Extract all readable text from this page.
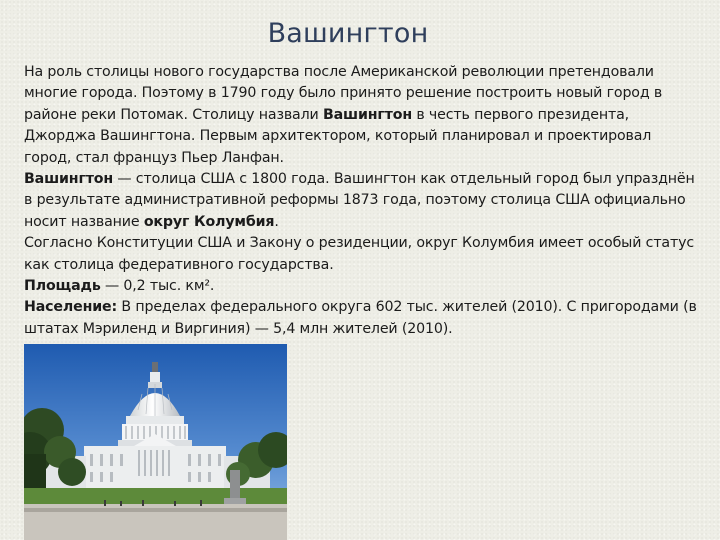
Вашингтон

На роль столицы нового государства после Американской революции претендовали многие города. Поэтому в 1790 году было принято решение построить новый город в районе реки Потомак. Столицу назвали Вашингтон в честь первого президента, Джорджа Вашингтона. Первым архитектором, который планировал и проектировал город, стал француз Пьер Ланфан.

Вашингтон — столица США с 1800 года. Вашингтон как отдельный город был упразднён в результате административной реформы 1873 года, поэтому столица США официально носит название округ Колумбия.

Согласно Конституции США и Закону о резиденции, округ Колумбия имеет особый статус как столица федеративного государства.

Площадь — 0,2 тыс. км².

Население: В пределах федерального округа 602 тыс. жителей (2010). С пригородами (в штатах Мэриленд и Виргиния) — 5,4 млн жителей (2010).
